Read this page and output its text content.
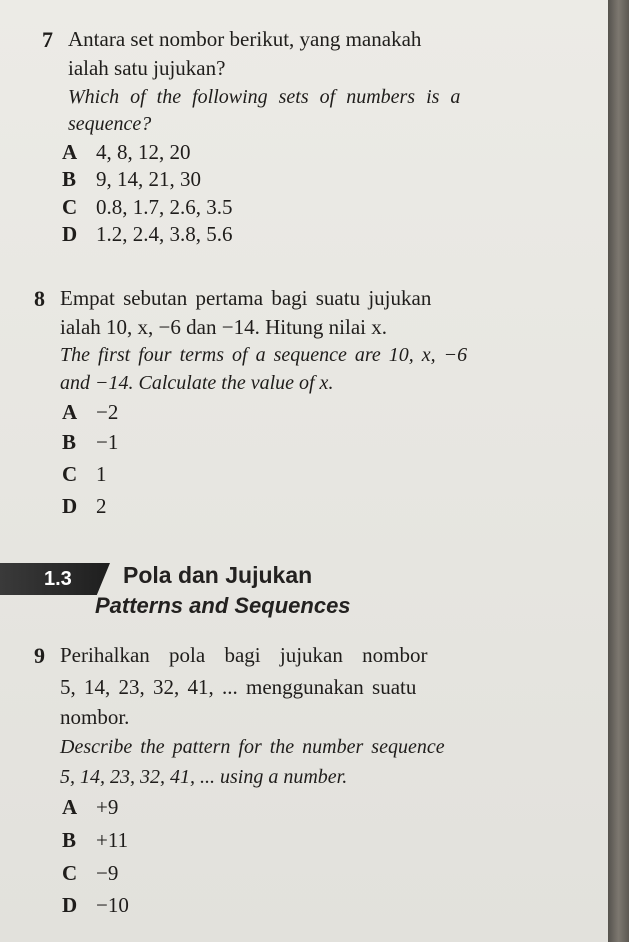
7 Antara set nombor berikut, yang manakah
ialah satu jujukan?
Which of the following sets of numbers is a
sequence?
A 4, 8, 12, 20
B 9, 14, 21, 30
C 0.8, 1.7, 2.6, 3.5
D 1.2, 2.4, 3.8, 5.6
8 Empat sebutan pertama bagi suatu jujukan
ialah 10, x, −6 dan −14. Hitung nilai x.
The first four terms of a sequence are 10, x, −6
and −14. Calculate the value of x.
A −2
B −1
C 1
D 2
1.3 Pola dan Jujukan
Patterns and Sequences
9 Perihalkan pola bagi jujukan nombor
5, 14, 23, 32, 41, ... menggunakan suatu
nombor.
Describe the pattern for the number sequence
5, 14, 23, 32, 41, ... using a number.
A +9
B +11
C −9
D −10
